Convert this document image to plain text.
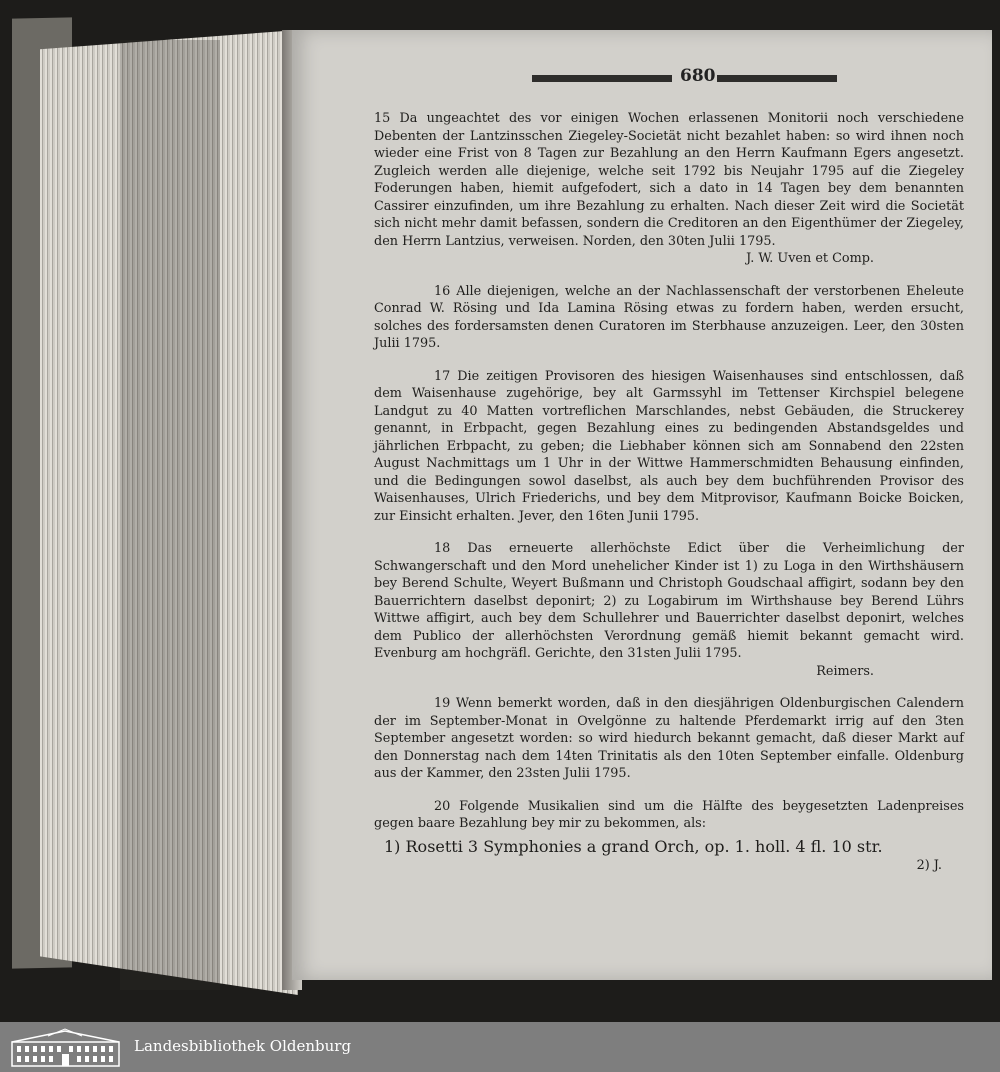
680

15 Da ungeachtet des vor einigen Wochen erlassenen Monitorii noch verschiedene Debenten der Lantzinsschen Ziegeley-Societät nicht bezahlet haben: so wird ihnen noch wieder eine Frist von 8 Tagen zur Bezahlung an den Herrn Kaufmann Egers angesetzt. Zugleich werden alle diejenige, welche seit 1792 bis Neujahr 1795 auf die Ziegeley Foderungen haben, hiemit aufgefodert, sich a dato in 14 Tagen bey dem benannten Cassirer einzufinden, um ihre Bezahlung zu erhalten. Nach dieser Zeit wird die Societät sich nicht mehr damit befassen, sondern die Creditoren an den Eigenthümer der Ziegeley, den Herrn Lantzius, verweisen. Norden, den 30ten Julii 1795.

J. W. Uven et Comp.

16 Alle diejenigen, welche an der Nachlassenschaft der verstorbenen Eheleute Conrad W. Rösing und Ida Lamina Rösing etwas zu fordern haben, werden ersucht, solches des fordersamsten denen Curatoren im Sterbhause anzuzeigen. Leer, den 30sten Julii 1795.

17 Die zeitigen Provisoren des hiesigen Waisenhauses sind entschlossen, daß dem Waisenhause zugehörige, bey alt Garmssyhl im Tettenser Kirchspiel belegene Landgut zu 40 Matten vortreflichen Marschlandes, nebst Gebäuden, die Struckerey genannt, in Erbpacht, gegen Bezahlung eines zu bedingenden Abstandsgeldes und jährlichen Erbpacht, zu geben; die Liebhaber können sich am Sonnabend den 22sten August Nachmittags um 1 Uhr in der Wittwe Hammerschmidten Behausung einfinden, und die Bedingungen sowol daselbst, als auch bey dem buchführenden Provisor des Waisenhauses, Ulrich Friederichs, und bey dem Mitprovisor, Kaufmann Boicke Boicken, zur Einsicht erhalten. Jever, den 16ten Junii 1795.

18 Das erneuerte allerhöchste Edict über die Verheimlichung der Schwangerschaft und den Mord unehelicher Kinder ist 1) zu Loga in den Wirthshäusern bey Berend Schulte, Weyert Bußmann und Christoph Goudschaal affigirt, sodann bey den Bauerrichtern daselbst deponirt; 2) zu Logabirum im Wirthshause bey Berend Lührs Wittwe affigirt, auch bey dem Schullehrer und Bauerrichter daselbst deponirt, welches dem Publico der allerhöchsten Verordnung gemäß hiemit bekannt gemacht wird. Evenburg am hochgräfl. Gerichte, den 31sten Julii 1795.

Reimers.

19 Wenn bemerkt worden, daß in den diesjährigen Oldenburgischen Calendern der im September-Monat in Ovelgönne zu haltende Pferdemarkt irrig auf den 3ten September angesetzt worden: so wird hiedurch bekannt gemacht, daß dieser Markt auf den Donnerstag nach dem 14ten Trinitatis als den 10ten September einfalle. Oldenburg aus der Kammer, den 23sten Julii 1795.

20 Folgende Musikalien sind um die Hälfte des beygesetzten Ladenpreises gegen baare Bezahlung bey mir zu bekommen, als:

1) Rosetti 3 Symphonies a grand Orch, op. 1. holl. 4 fl. 10 str.
2) J.
Landesbibliothek Oldenburg
